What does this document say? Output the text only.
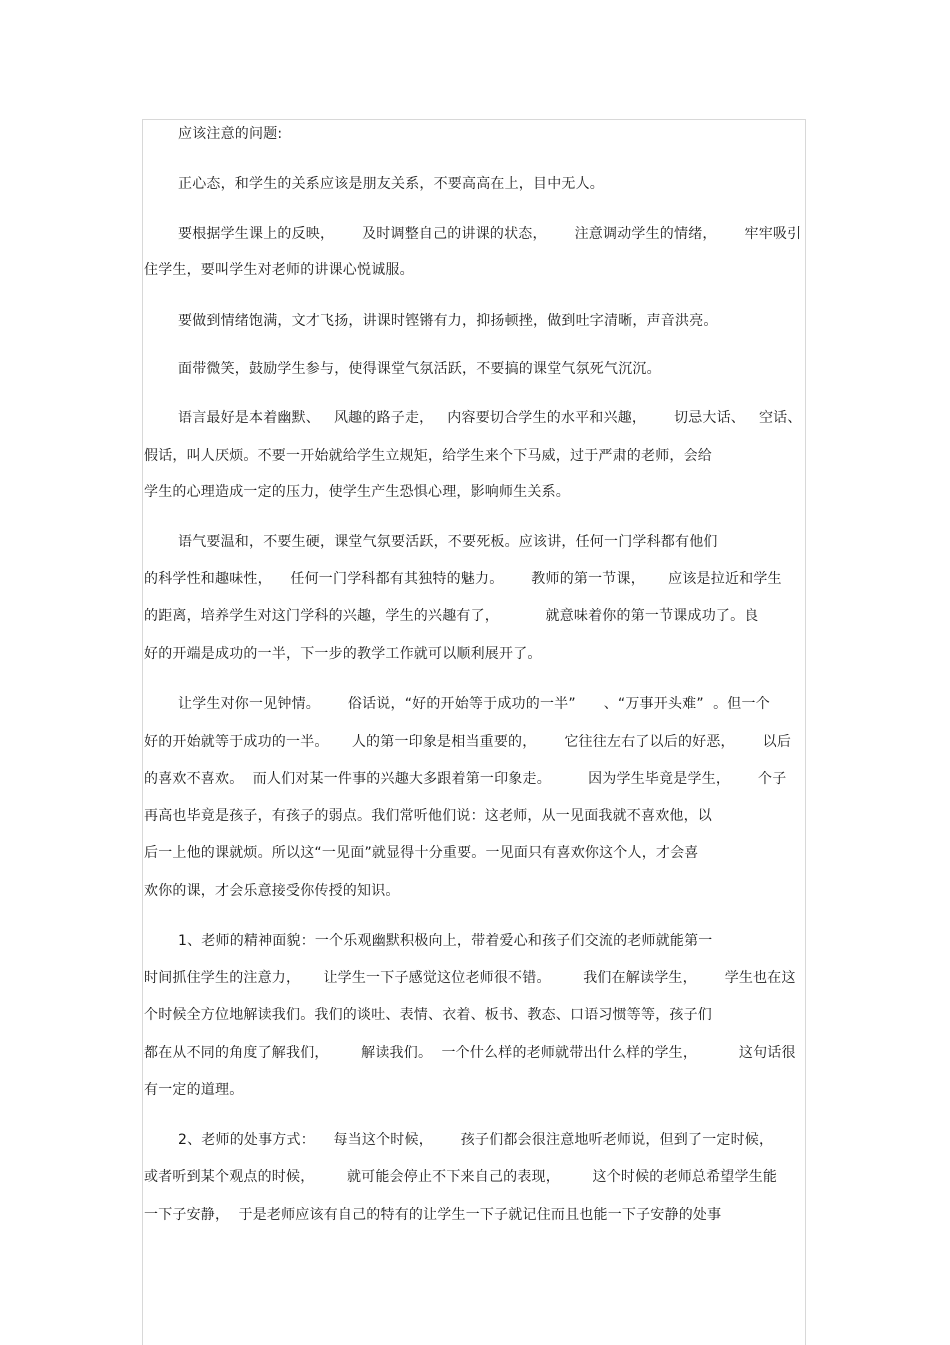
应该注意的问题:
正心态，和学生的关系应该是朋友关系，不要高高在上，目中无人。
要根据学生课上的反映，      及时调整自己的讲课的状态，      注意调动学生的情绪，      牢牢吸引
住学生，要叫学生对老师的讲课心悦诚服。
要做到情绪饱满，文才飞扬，讲课时铿锵有力，抑扬顿挫，做到吐字清晰，声音洪亮。
面带微笑，鼓励学生参与，使得课堂气氛活跃，不要搞的课堂气氛死气沉沉。
语言最好是本着幽默、   风趣的路子走，   内容要切合学生的水平和兴趣，      切忌大话、   空话、
假话，叫人厌烦。不要一开始就给学生立规矩，给学生来个下马威，过于严肃的老师，会给
学生的心理造成一定的压力，使学生产生恐惧心理，影响师生关系。
语气要温和，不要生硬，课堂气氛要活跃，不要死板。应该讲，任何一门学科都有他们
的科学性和趣味性，    任何一门学科都有其独特的魅力。      教师的第一节课，     应该是拉近和学生
的距离，培养学生对这门学科的兴趣，学生的兴趣有了，          就意味着你的第一节课成功了。良
好的开端是成功的一半，下一步的教学工作就可以顺利展开了。
让学生对你一见钟情。      俗话说，“好的开始等于成功的一半”      、“万事开头难”  。但一个
好的开始就等于成功的一半。     人的第一印象是相当重要的，      它往往左右了以后的好恶，      以后
的喜欢不喜欢。  而人们对某一件事的兴趣大多跟着第一印象走。        因为学生毕竟是学生，      个子
再高也毕竟是孩子，有孩子的弱点。我们常听他们说：这老师，从一见面我就不喜欢他，以
后一上他的课就烦。所以这“一见面”就显得十分重要。一见面只有喜欢你这个人，才会喜
欢你的课，才会乐意接受你传授的知识。
1、老师的精神面貌：一个乐观幽默积极向上，带着爱心和孩子们交流的老师就能第一
时间抓住学生的注意力，     让学生一下子感觉这位老师很不错。       我们在解读学生，      学生也在这
个时候全方位地解读我们。我们的谈吐、表情、衣着、板书、教态、口语习惯等等，孩子们
都在从不同的角度了解我们，       解读我们。  一个什么样的老师就带出什么样的学生，         这句话很
有一定的道理。
2、老师的处事方式：    每当这个时候，      孩子们都会很注意地听老师说，但到了一定时候，
或者听到某个观点的时候，       就可能会停止不下来自己的表现，       这个时候的老师总希望学生能
一下子安静，  于是老师应该有自己的特有的让学生一下子就记住而且也能一下子安静的处事
